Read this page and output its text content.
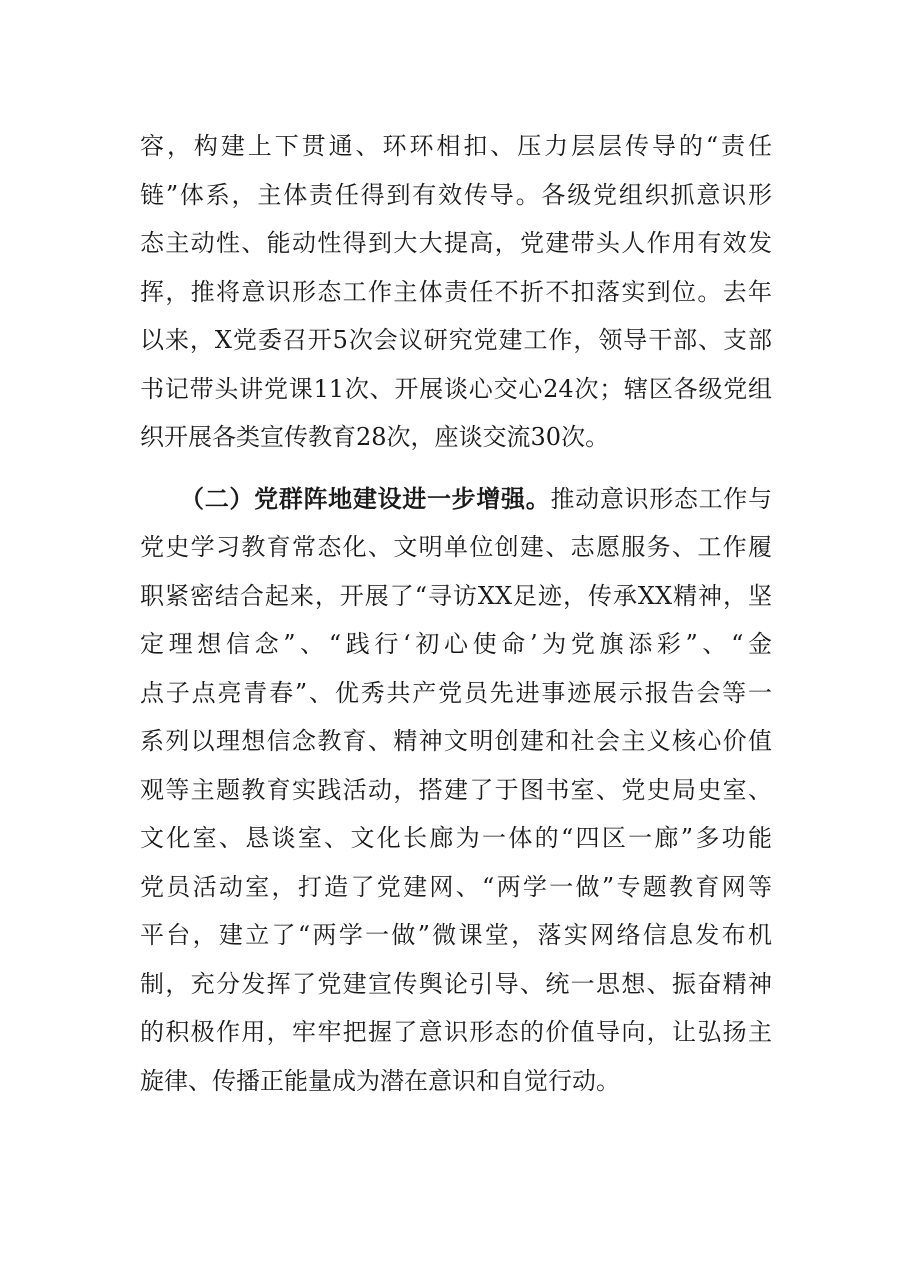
容，构建上下贯通、环环相扣、压力层层传导的“责任
链”体系，主体责任得到有效传导。各级党组织抓意识形
态主动性、能动性得到大大提高，党建带头人作用有效发
挥，推将意识形态工作主体责任不折不扣落实到位。去年
以来，X党委召开5次会议研究党建工作，领导干部、支部
书记带头讲党课11次、开展谈心交心24次；辖区各级党组
织开展各类宣传教育28次，座谈交流30次。
（二）党群阵地建设进一步增强。推动意识形态工作与
党史学习教育常态化、文明单位创建、志愿服务、工作履
职紧密结合起来，开展了“寻访XX足迹，传承XX精神，坚
定理想信念”、“践行‘初心使命’为党旗添彩”、“金
点子点亮青春”、优秀共产党员先进事迹展示报告会等一
系列以理想信念教育、精神文明创建和社会主义核心价值
观等主题教育实践活动，搭建了于图书室、党史局史室、
文化室、恳谈室、文化长廊为一体的“四区一廊”多功能
党员活动室，打造了党建网、“两学一做”专题教育网等
平台，建立了“两学一做”微课堂，落实网络信息发布机
制，充分发挥了党建宣传舆论引导、统一思想、振奋精神
的积极作用，牢牢把握了意识形态的价值导向，让弘扬主
旋律、传播正能量成为潜在意识和自觉行动。
